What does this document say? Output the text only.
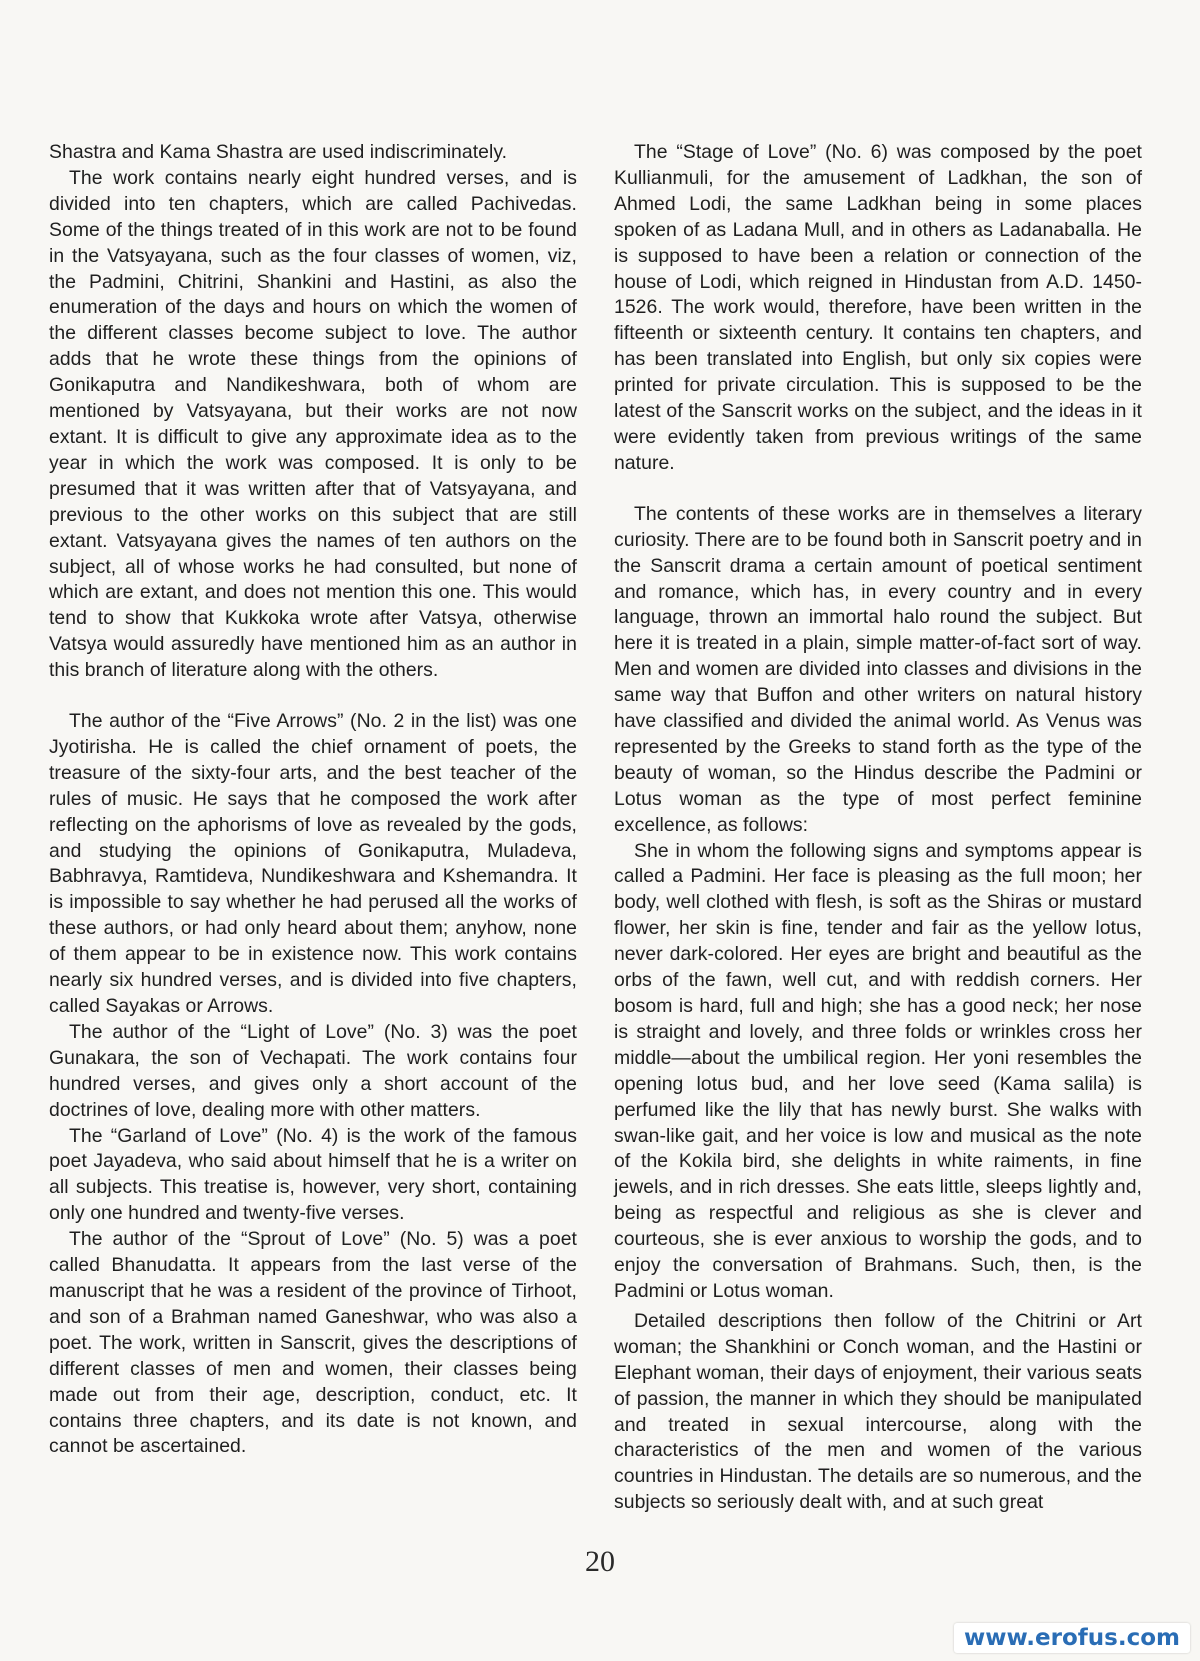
Shastra and Kama Shastra are used indiscriminately.

The work contains nearly eight hundred verses, and is divided into ten chapters, which are called Pachivedas. Some of the things treated of in this work are not to be found in the Vatsyayana, such as the four classes of women, viz, the Padmini, Chitrini, Shankini and Hastini, as also the enumeration of the days and hours on which the women of the different classes become subject to love. The author adds that he wrote these things from the opinions of Gonikaputra and Nandikeshwara, both of whom are mentioned by Vatsyayana, but their works are not now extant. It is difficult to give any approximate idea as to the year in which the work was composed. It is only to be presumed that it was written after that of Vatsyayana, and previous to the other works on this subject that are still extant. Vatsyayana gives the names of ten authors on the subject, all of whose works he had consulted, but none of which are extant, and does not mention this one. This would tend to show that Kukkoka wrote after Vatsya, otherwise Vatsya would assuredly have mentioned him as an author in this branch of literature along with the others.

The author of the “Five Arrows” (No. 2 in the list) was one Jyotirisha. He is called the chief ornament of poets, the treasure of the sixty-four arts, and the best teacher of the rules of music. He says that he composed the work after reflecting on the aphorisms of love as revealed by the gods, and studying the opinions of Gonikaputra, Muladeva, Babhravya, Ramtideva, Nundikeshwara and Kshemandra. It is impossible to say whether he had perused all the works of these authors, or had only heard about them; anyhow, none of them appear to be in existence now. This work contains nearly six hundred verses, and is divided into five chapters, called Sayakas or Arrows.

The author of the “Light of Love” (No. 3) was the poet Gunakara, the son of Vechapati. The work contains four hundred verses, and gives only a short account of the doctrines of love, dealing more with other matters.

The “Garland of Love” (No. 4) is the work of the famous poet Jayadeva, who said about himself that he is a writer on all subjects. This treatise is, however, very short, containing only one hundred and twenty-five verses.

The author of the “Sprout of Love” (No. 5) was a poet called Bhanudatta. It appears from the last verse of the manuscript that he was a resident of the province of Tirhoot, and son of a Brahman named Ganeshwar, who was also a poet. The work, written in Sanscrit, gives the descriptions of different classes of men and women, their classes being made out from their age, description, conduct, etc. It contains three chapters, and its date is not known, and cannot be ascertained.

The “Stage of Love” (No. 6) was composed by the poet Kullianmuli, for the amusement of Ladkhan, the son of Ahmed Lodi, the same Ladkhan being in some places spoken of as Ladana Mull, and in others as Ladanaballa. He is supposed to have been a relation or connection of the house of Lodi, which reigned in Hindustan from A.D. 1450-1526. The work would, therefore, have been written in the fifteenth or sixteenth century. It contains ten chapters, and has been translated into English, but only six copies were printed for private circulation. This is supposed to be the latest of the Sanscrit works on the subject, and the ideas in it were evidently taken from previous writings of the same nature.

The contents of these works are in themselves a literary curiosity. There are to be found both in Sanscrit poetry and in the Sanscrit drama a certain amount of poetical sentiment and romance, which has, in every country and in every language, thrown an immortal halo round the subject. But here it is treated in a plain, simple matter-of-fact sort of way. Men and women are divided into classes and divisions in the same way that Buffon and other writers on natural history have classified and divided the animal world. As Venus was represented by the Greeks to stand forth as the type of the beauty of woman, so the Hindus describe the Padmini or Lotus woman as the type of most perfect feminine excellence, as follows:

She in whom the following signs and symptoms appear is called a Padmini. Her face is pleasing as the full moon; her body, well clothed with flesh, is soft as the Shiras or mustard flower, her skin is fine, tender and fair as the yellow lotus, never dark-colored. Her eyes are bright and beautiful as the orbs of the fawn, well cut, and with reddish corners. Her bosom is hard, full and high; she has a good neck; her nose is straight and lovely, and three folds or wrinkles cross her middle—about the umbilical region. Her yoni resembles the opening lotus bud, and her love seed (Kama salila) is perfumed like the lily that has newly burst. She walks with swan-like gait, and her voice is low and musical as the note of the Kokila bird, she delights in white raiments, in fine jewels, and in rich dresses. She eats little, sleeps lightly and, being as respectful and religious as she is clever and courteous, she is ever anxious to worship the gods, and to enjoy the conversation of Brahmans. Such, then, is the Padmini or Lotus woman.

Detailed descriptions then follow of the Chitrini or Art woman; the Shankhini or Conch woman, and the Hastini or Elephant woman, their days of enjoyment, their various seats of passion, the manner in which they should be manipulated and treated in sexual intercourse, along with the characteristics of the men and women of the various countries in Hindustan. The details are so numerous, and the subjects so seriously dealt with, and at such great

20
www.erofus.com
